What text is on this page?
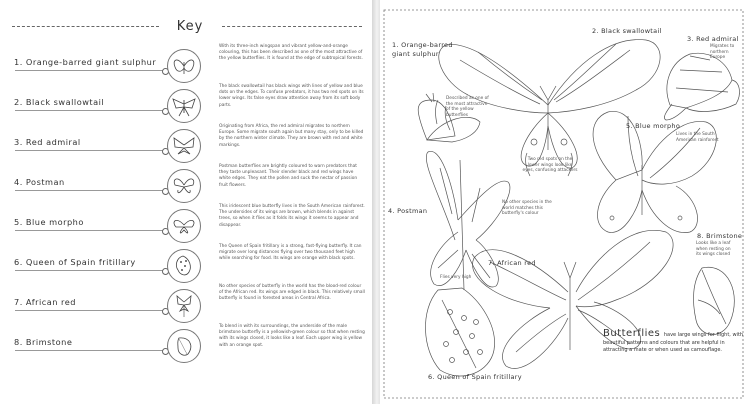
Key
1. Orange-barred giant sulphur
With its three-inch wingspan and vibrant yellow-and-orange colouring, this has been described as one of the most attractive of the yellow butterflies. It is found at the edge of subtropical forests.
2. Black swallowtail
The black swallowtail has black wings with lines of yellow and blue dots on the edges. To confuse predators, it has two red spots on its lower wings. Its false eyes draw attention away from its soft body parts.
3. Red admiral
Originating from Africa, the red admiral migrates to northern Europe. Some migrate south again but many stay, only to be killed by the northern winter climate. They are brown with red and white markings.
4. Postman
Postman butterflies are brightly coloured to warn predators that they taste unpleasant. Their slender black and red wings have white edges. They eat the pollen and suck the nectar of passion fruit flowers.
5. Blue morpho
This iridescent blue butterfly lives in the South American rainforest. The undersides of its wings are brown, which blends in against trees, so when it flies as it folds its wings it seems to appear and disappear.
6. Queen of Spain fritillary
The Queen of Spain fritillary is a strong, fast-flying butterfly. It can migrate over long distances flying over two thousand feet high while searching for food. Its wings are orange with black spots.
7. African red
No other species of butterfly in the world has the blood-red colour of the African red. Its wings are edged in black. This relatively small butterfly is found in forested areas in Central Africa.
8. Brimstone
To blend in with its surroundings, the underside of the male brimstone butterfly is a yellowish-green colour so that when resting with its wings closed, it looks like a leaf. Each upper wing is yellow with an orange spot.
1. Orange-barred giant sulphur
2. Black swallowtail
3. Red admiral
4. Postman
5. Blue morpho
6. Queen of Spain fritillary
7. African red
8. Brimstone
Described as one of the most attractive of the yellow butterflies
Two red spots on the lower wings look like eyes, confusing attackers
Migrates to northern Europe
Lives in the South American rainforest
Flies very high
No other species in the world matches this butterfly's colour
Looks like a leaf when resting on its wings closed
Butterflies have large wings for flight, with beautiful patterns and colours that are helpful in attracting a mate or when used as camouflage.
